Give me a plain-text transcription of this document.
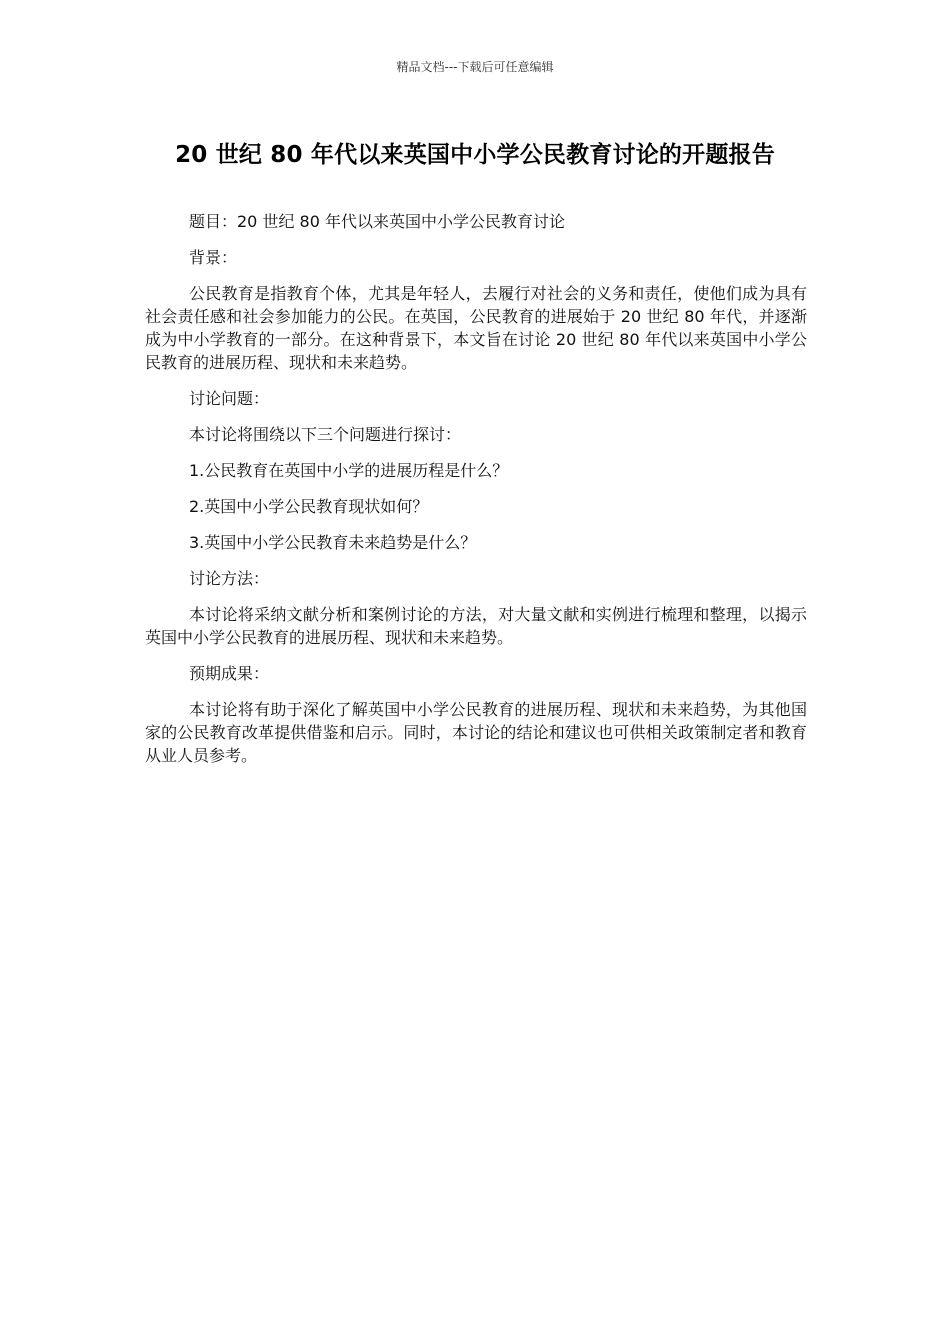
精品文档---下载后可任意编辑
20 世纪 80 年代以来英国中小学公民教育讨论的开题报告

题目：20 世纪 80 年代以来英国中小学公民教育讨论

背景：

公民教育是指教育个体，尤其是年轻人，去履行对社会的义务和责任，使他们成为具有社会责任感和社会参加能力的公民。在英国，公民教育的进展始于 20 世纪 80 年代，并逐渐成为中小学教育的一部分。在这种背景下，本文旨在讨论 20 世纪 80 年代以来英国中小学公民教育的进展历程、现状和未来趋势。

讨论问题：

本讨论将围绕以下三个问题进行探讨：

1.公民教育在英国中小学的进展历程是什么？

2.英国中小学公民教育现状如何？

3.英国中小学公民教育未来趋势是什么？

讨论方法：

本讨论将采纳文献分析和案例讨论的方法，对大量文献和实例进行梳理和整理，以揭示英国中小学公民教育的进展历程、现状和未来趋势。

预期成果：

本讨论将有助于深化了解英国中小学公民教育的进展历程、现状和未来趋势，为其他国家的公民教育改革提供借鉴和启示。同时，本讨论的结论和建议也可供相关政策制定者和教育从业人员参考。
